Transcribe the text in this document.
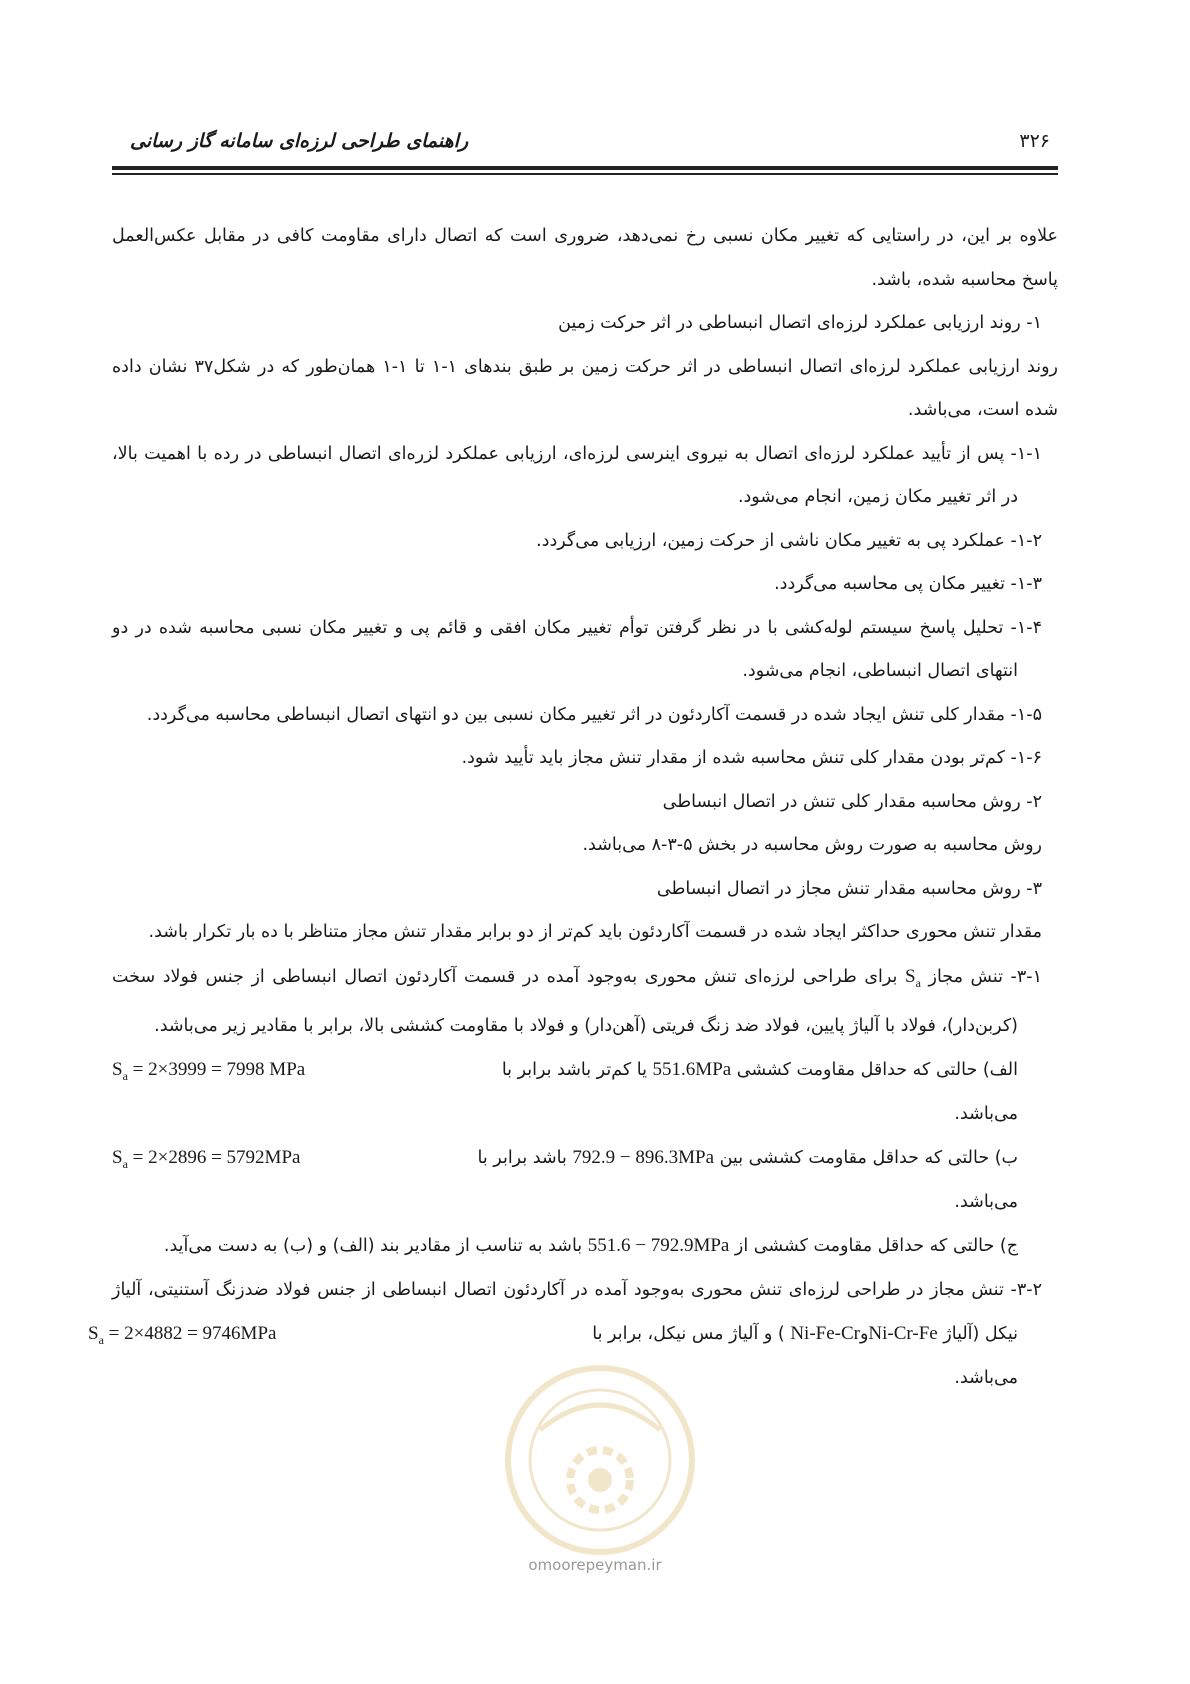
راهنمای طراحی لرزه‌ای سامانه گاز رسانی	۳۲۶

علاوه بر این، در راستایی که تغییر مکان نسبی رخ نمی‌دهد، ضروری است که اتصال دارای مقاومت کافی در مقابل عکس‌العمل پاسخ محاسبه شده، باشد.

۱- روند ارزیابی عملکرد لرزه‌ای اتصال انبساطی در اثر حرکت زمین

روند ارزیابی عملکرد لرزه‌ای اتصال انبساطی در اثر حرکت زمین بر طبق بندهای ۱-۱ تا ۱-۱ همان‌طور که در شکل۳۷ نشان داده شده است، می‌باشد.

۱-۱- پس از تأیید عملکرد لرزه‌ای اتصال به نیروی اینرسی لرزه‌ای، ارزیابی عملکرد لزره‌ای اتصال انبساطی در رده با اهمیت بالا، در اثر تغییر مکان زمین، انجام می‌شود.

۱-۲- عملکرد پی به تغییر مکان ناشی از حرکت زمین، ارزیابی می‌گردد.

۱-۳- تغییر مکان پی محاسبه می‌گردد.

۱-۴- تحلیل پاسخ سیستم لوله‌کشی با در نظر گرفتن توأم تغییر مکان افقی و قائم پی و تغییر مکان نسبی محاسبه شده در دو انتهای اتصال انبساطی، انجام می‌شود.

۱-۵- مقدار کلی تنش ایجاد شده در قسمت آکاردئون در اثر تغییر مکان نسبی بین دو انتهای اتصال انبساطی محاسبه می‌گردد.

۱-۶- کم‌تر بودن مقدار کلی تنش محاسبه شده از مقدار تنش مجاز باید تأیید شود.

۲- روش محاسبه مقدار کلی تنش در اتصال انبساطی

روش محاسبه به صورت روش محاسبه در بخش ۵-۳-۸ می‌باشد.

۳- روش محاسبه مقدار تنش مجاز در اتصال انبساطی

مقدار تنش محوری حداکثر ایجاد شده در قسمت آکاردئون باید کم‌تر از دو برابر مقدار تنش مجاز متناظر با ده بار تکرار باشد.

۳-۱- تنش مجاز $S_a$ برای طراحی لرزه‌ای تنش محوری به‌وجود آمده در قسمت آکاردئون اتصال انبساطی از جنس فولاد سخت (کربن‌دار)، فولاد با آلیاژ پایین، فولاد ضد زنگ فریتی (آهن‌دار) و فولاد با مقاومت کششی بالا، برابر با مقادیر زیر می‌باشد.

$S_a = 2\times 3999 = 7998$ MPa	الف) حالتی که حداقل مقاومت کششی 551.6MPa یا کم‌تر باشد برابر با
می‌باشد.

$S_a = 2\times 2896 = 5792MPa$	ب) حالتی که حداقل مقاومت کششی بین 792.9 − 896.3MPa باشد برابر با
می‌باشد.

ج) حالتی که حداقل مقاومت کششی از 551.6 − 792.9MPa باشد به تناسب از مقادیر بند (الف) و (ب) به دست می‌آید.

۳-۲- تنش مجاز در طراحی لرزه‌ای تنش محوری به‌وجود آمده در آکاردئون اتصال انبساطی از جنس فولاد ضدزنگ آستنیتی، آلیاژ نیکل (آلیاژ Ni-Cr-FeوNi-Fe-Cr ) و آلیاژ مس نیکل، برابر با
$S_a = 2\times 4882 = 9746MPa$

می‌باشد.

omoorepeyman.ir
